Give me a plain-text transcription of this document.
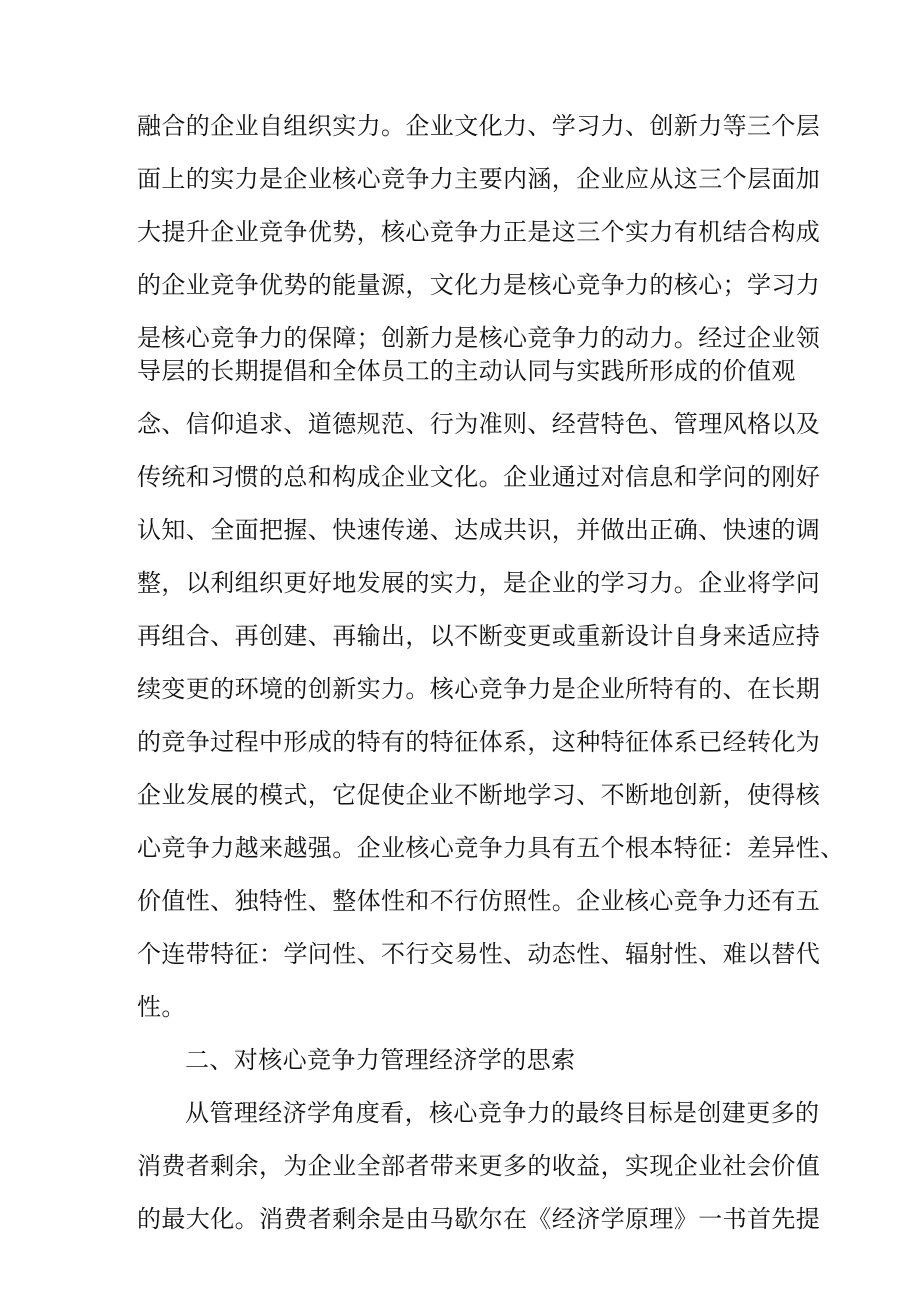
融合的企业自组织实力。企业文化力、学习力、创新力等三个层
面上的实力是企业核心竞争力主要内涵，企业应从这三个层面加
大提升企业竞争优势，核心竞争力正是这三个实力有机结合构成
的企业竞争优势的能量源，文化力是核心竞争力的核心；学习力
是核心竞争力的保障；创新力是核心竞争力的动力。经过企业领
导层的长期提倡和全体员工的主动认同与实践所形成的价值观
念、信仰追求、道德规范、行为准则、经营特色、管理风格以及
传统和习惯的总和构成企业文化。企业通过对信息和学问的刚好
认知、全面把握、快速传递、达成共识，并做出正确、快速的调
整，以利组织更好地发展的实力，是企业的学习力。企业将学问
再组合、再创建、再输出，以不断变更或重新设计自身来适应持
续变更的环境的创新实力。核心竞争力是企业所特有的、在长期
的竞争过程中形成的特有的特征体系，这种特征体系已经转化为
企业发展的模式，它促使企业不断地学习、不断地创新，使得核
心竞争力越来越强。企业核心竞争力具有五个根本特征：差异性、
价值性、独特性、整体性和不行仿照性。企业核心竞争力还有五
个连带特征：学问性、不行交易性、动态性、辐射性、难以替代
性。
二、对核心竞争力管理经济学的思索
从管理经济学角度看，核心竞争力的最终目标是创建更多的
消费者剩余，为企业全部者带来更多的收益，实现企业社会价值
的最大化。消费者剩余是由马歇尔在《经济学原理》一书首先提
